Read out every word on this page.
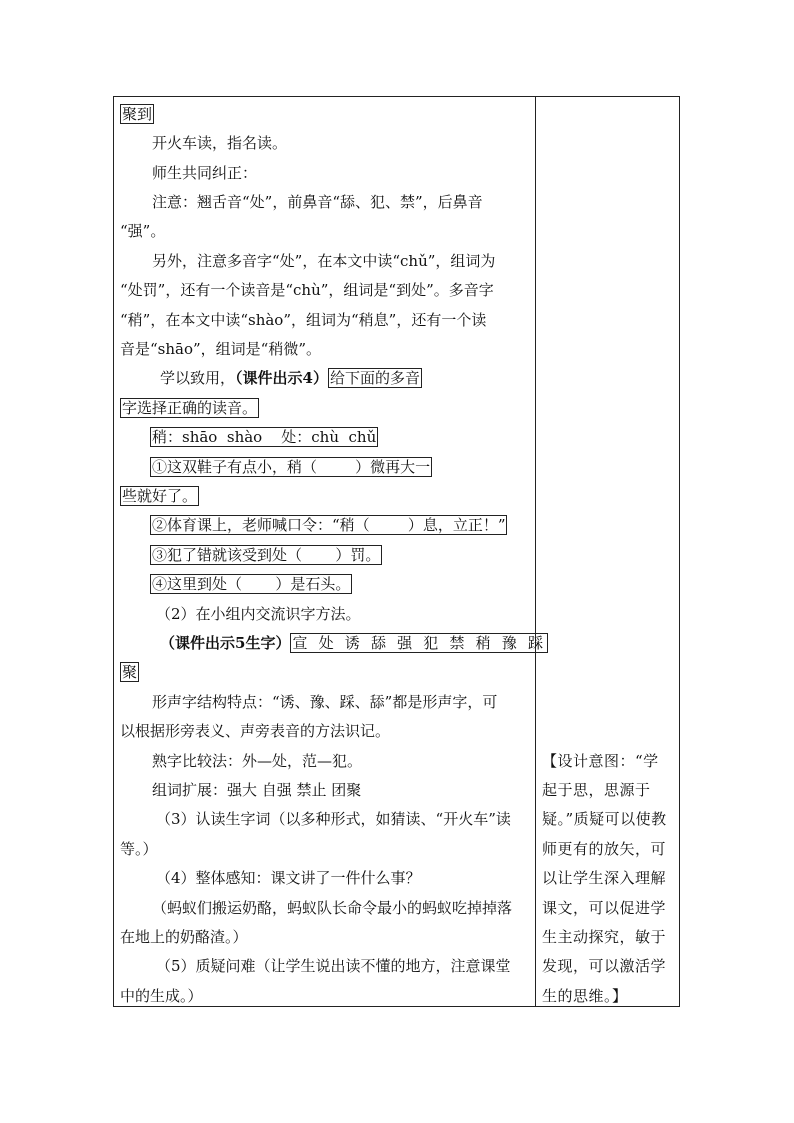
聚到
开火车读，指名读。
师生共同纠正：
注意：翘舌音“处”，前鼻音“舔、犯、禁”，后鼻音
“强”。
另外，注意多音字“处”，在本文中读“chǔ”，组词为
“处罚”，还有一个读音是“chù”，组词是“到处”。多音字
“稍”，在本文中读“shào”，组词为“稍息”，还有一个读
音是“shāo”，组词是“稍微”。
学以致用，（课件出示4） 给下面的多音
字选择正确的读音。
稍：shāo  shào    处：chù  chǔ
①这双鞋子有点小，稍（        ）微再大一
些就好了。
②体育课上，老师喊口令：“稍（        ）息，立正！”
③犯了错就该受到处（       ）罚。
④这里到处（       ）是石头。
（2）在小组内交流识字方法。
（课件出示5生字） 宣 处 诱 舔 强 犯 禁 稍 豫 踩
聚
形声字结构特点：“诱、豫、踩、舔”都是形声字，可
以根据形旁表义、声旁表音的方法识记。
熟字比较法：外—处，范—犯。
组词扩展：强大 自强 禁止 团聚
（3）认读生字词（以多种形式，如猜读、“开火车”读
等。）
（4）整体感知：课文讲了一件什么事？
（蚂蚁们搬运奶酪，蚂蚁队长命令最小的蚂蚁吃掉掉落
在地上的奶酪渣。）
（5）质疑问难（让学生说出读不懂的地方，注意课堂
中的生成。）
【设计意图：“学
起于思，思源于
疑。”质疑可以使教
师更有的放矢，可
以让学生深入理解
课文，可以促进学
生主动探究，敏于
发现，可以激活学
生的思维。】
